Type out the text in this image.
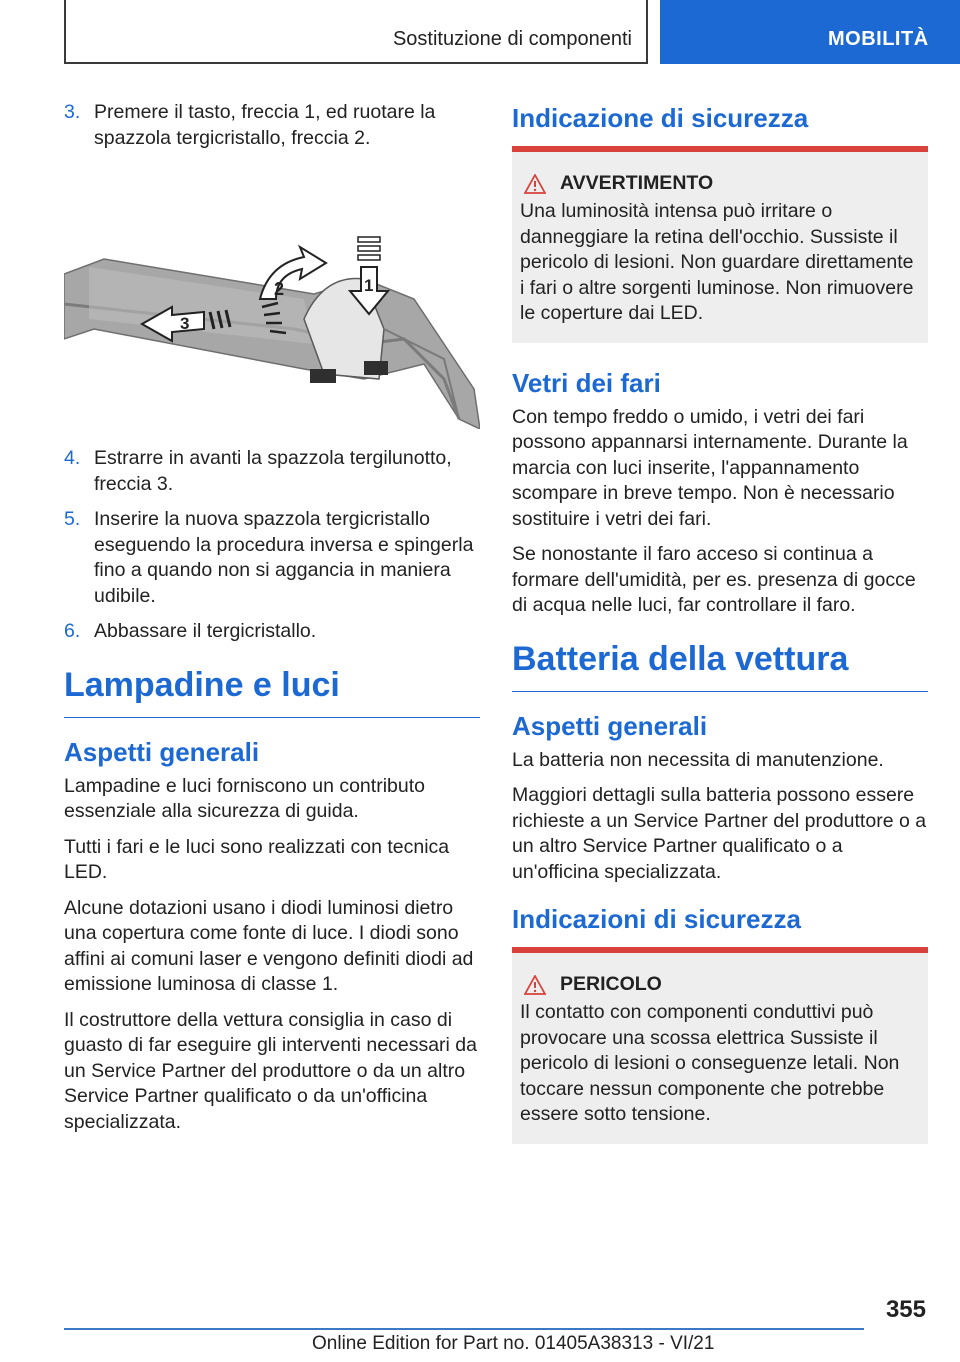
Sostituzione di componenti	MOBILITÀ
3. Premere il tasto, freccia 1, ed ruotare la spazzola tergicristallo, freccia 2.
3
2	1
4. Estrarre in avanti la spazzola tergilunotto, freccia 3.
5. Inserire la nuova spazzola tergicristallo eseguendo la procedura inversa e spingerla fino a quando non si aggancia in maniera udibile.
6. Abbassare il tergicristallo.
Lampadine e luci
Aspetti generali

Lampadine e luci forniscono un contributo essenziale alla sicurezza di guida.

Tutti i fari e le luci sono realizzati con tecnica LED.

Alcune dotazioni usano i diodi luminosi dietro una copertura come fonte di luce. I diodi sono affini ai comuni laser e vengono definiti diodi ad emissione luminosa di classe 1.

Il costruttore della vettura consiglia in caso di guasto di far eseguire gli interventi necessari da un Service Partner del produttore o da un altro Service Partner qualificato o da un'officina specializzata.

Indicazione di sicurezza
AVVERTIMENTO

Una luminosità intensa può irritare o danneggiare la retina dell'occhio. Sussiste il pericolo di lesioni. Non guardare direttamente i fari o altre sorgenti luminose. Non rimuovere le coperture dai LED.

Vetri dei fari

Con tempo freddo o umido, i vetri dei fari possono appannarsi internamente. Durante la marcia con luci inserite, l'appannamento scompare in breve tempo. Non è necessario sostituire i vetri dei fari.

Se nonostante il faro acceso si continua a formare dell'umidità, per es. presenza di gocce di acqua nelle luci, far controllare il faro.

Batteria della vettura
Aspetti generali

La batteria non necessita di manutenzione.

Maggiori dettagli sulla batteria possono essere richieste a un Service Partner del produttore o a un altro Service Partner qualificato o a un'officina specializzata.

Indicazioni di sicurezza
PERICOLO

Il contatto con componenti conduttivi può provocare una scossa elettrica Sussiste il pericolo di lesioni o conseguenze letali. Non toccare nessun componente che potrebbe essere sotto tensione.

355
Online Edition for Part no. 01405A38313 - VI/21
